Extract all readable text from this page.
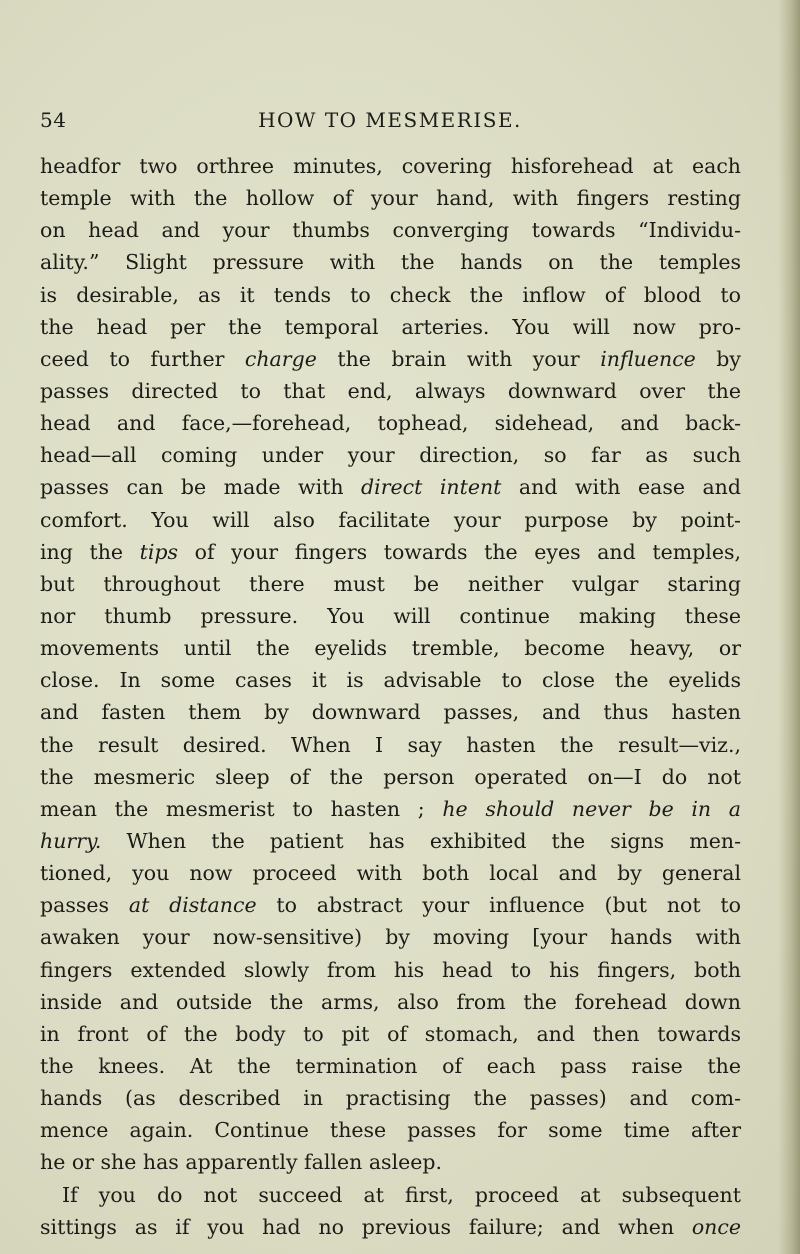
54	HOW TO MESMERISE.
headfor two orthree minutes, covering hisforehead at each
temple with the hollow of your hand, with fingers resting
on head and your thumbs converging towards “Individu-
ality.” Slight pressure with the hands on the temples
is desirable, as it tends to check the inflow of blood to
the head per the temporal arteries. You will now pro-
ceed to further charge the brain with your influence by
passes directed to that end, always downward over the
head and face,—forehead, tophead, sidehead, and back-
head—all coming under your direction, so far as such
passes can be made with direct intent and with ease and
comfort. You will also facilitate your purpose by point-
ing the tips of your fingers towards the eyes and temples,
but throughout there must be neither vulgar staring
nor thumb pressure. You will continue making these
movements until the eyelids tremble, become heavy, or
close. In some cases it is advisable to close the eyelids
and fasten them by downward passes, and thus hasten
the result desired. When I say hasten the result—viz.,
the mesmeric sleep of the person operated on—I do not
mean the mesmerist to hasten ; he should never be in a
hurry. When the patient has exhibited the signs men-
tioned, you now proceed with both local and by general
passes at distance to abstract your influence (but not to
awaken your now-sensitive) by moving [your hands with
fingers extended slowly from his head to his fingers, both
inside and outside the arms, also from the forehead down
in front of the body to pit of stomach, and then towards
the knees. At the termination of each pass raise the
hands (as described in practising the passes) and com-
mence again. Continue these passes for some time after
he or she has apparently fallen asleep.
If you do not succeed at first, proceed at subsequent
sittings as if you had no previous failure; and when once
